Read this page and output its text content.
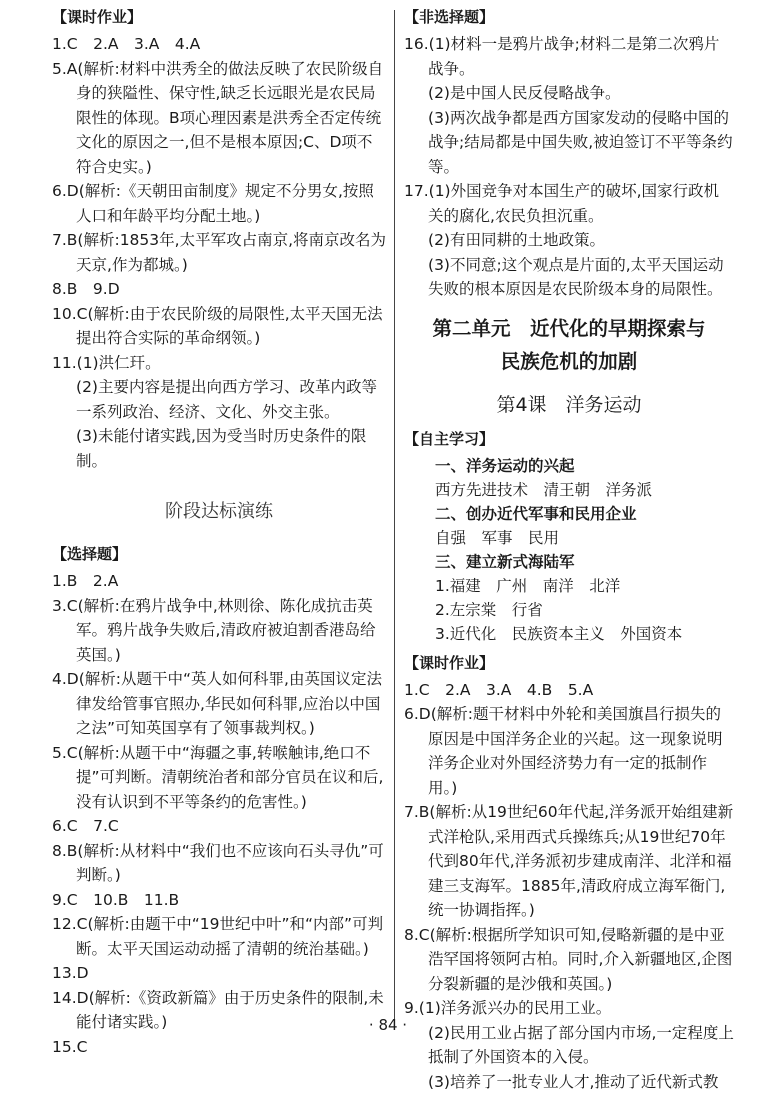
【课时作业】

1.C　2.A　3.A　4.A

5.A(解析:材料中洪秀全的做法反映了农民阶级自身的狭隘性、保守性,缺乏长远眼光是农民局限性的体现。B项心理因素是洪秀全否定传统文化的原因之一,但不是根本原因;C、D项不符合史实。)

6.D(解析:《天朝田亩制度》规定不分男女,按照人口和年龄平均分配土地。)

7.B(解析:1853年,太平军攻占南京,将南京改名为天京,作为都城。)

8.B　9.D

10.C(解析:由于农民阶级的局限性,太平天国无法提出符合实际的革命纲领。)

11.(1)洪仁玕。

(2)主要内容是提出向西方学习、改革内政等一系列政治、经济、文化、外交主张。

(3)未能付诸实践,因为受当时历史条件的限制。

阶段达标演练

【选择题】

1.B　2.A

3.C(解析:在鸦片战争中,林则徐、陈化成抗击英军。鸦片战争失败后,清政府被迫割香港岛给英国。)

4.D(解析:从题干中“英人如何科罪,由英国议定法律发给管事官照办,华民如何科罪,应治以中国之法”可知英国享有了领事裁判权。)

5.C(解析:从题干中“海疆之事,转喉触讳,绝口不提”可判断。清朝统治者和部分官员在议和后,没有认识到不平等条约的危害性。)

6.C　7.C

8.B(解析:从材料中“我们也不应该向石头寻仇”可判断。)

9.C　10.B　11.B

12.C(解析:由题干中“19世纪中叶”和“内部”可判断。太平天国运动动摇了清朝的统治基础。)

13.D

14.D(解析:《资政新篇》由于历史条件的限制,未能付诸实践。)

15.C

【非选择题】

16.(1)材料一是鸦片战争;材料二是第二次鸦片战争。

(2)是中国人民反侵略战争。

(3)两次战争都是西方国家发动的侵略中国的战争;结局都是中国失败,被迫签订不平等条约等。

17.(1)外国竞争对本国生产的破坏,国家行政机关的腐化,农民负担沉重。

(2)有田同耕的土地政策。

(3)不同意;这个观点是片面的,太平天国运动失败的根本原因是农民阶级本身的局限性。

第二单元　近代化的早期探索与
民族危机的加剧

第4课　洋务运动

【自主学习】

一、洋务运动的兴起

西方先进技术　清王朝　洋务派

二、创办近代军事和民用企业

自强　军事　民用

三、建立新式海陆军

1.福建　广州　南洋　北洋

2.左宗棠　行省

3.近代化　民族资本主义　外国资本

【课时作业】

1.C　2.A　3.A　4.B　5.A

6.D(解析:题干材料中外轮和美国旗昌行损失的原因是中国洋务企业的兴起。这一现象说明洋务企业对外国经济势力有一定的抵制作用。)

7.B(解析:从19世纪60年代起,洋务派开始组建新式洋枪队,采用西式兵操练兵;从19世纪70年代到80年代,洋务派初步建成南洋、北洋和福建三支海军。1885年,清政府成立海军衙门,统一协调指挥。)

8.C(解析:根据所学知识可知,侵略新疆的是中亚浩罕国将领阿古柏。同时,介入新疆地区,企图分裂新疆的是沙俄和英国。)

9.(1)洋务派兴办的民用工业。

(2)民用工业占据了部分国内市场,一定程度上抵制了外国资本的入侵。

(3)培养了一批专业人才,推动了近代新式教

· 84 ·
